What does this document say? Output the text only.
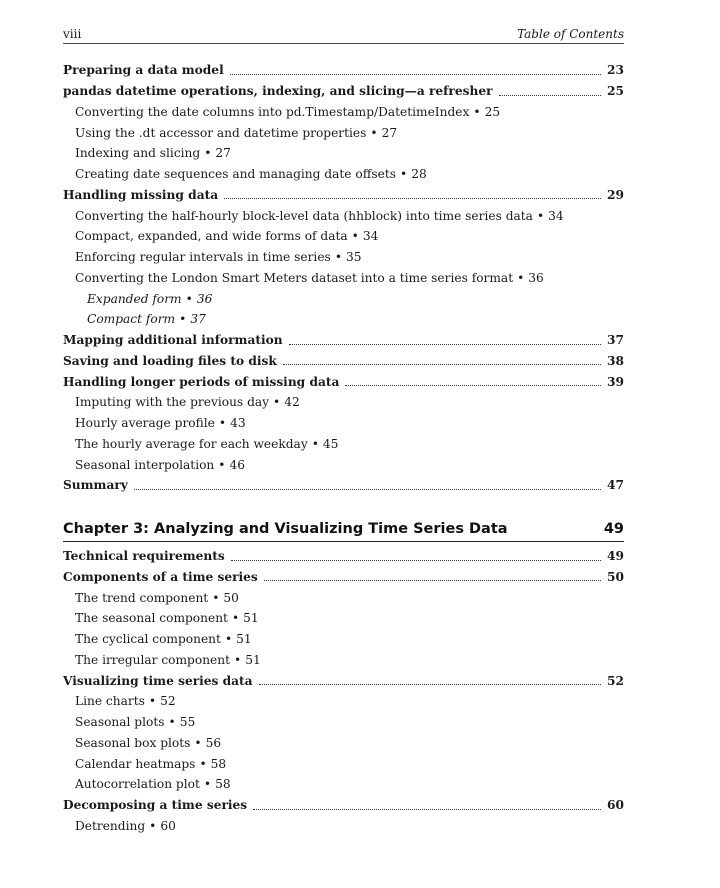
viii	Table of Contents
Preparing a data model	23
pandas datetime operations, indexing, and slicing—a refresher	25
Converting the date columns into pd.Timestamp/DatetimeIndex • 25
Using the .dt accessor and datetime properties • 27
Indexing and slicing • 27
Creating date sequences and managing date offsets • 28
Handling missing data	29
Converting the half-hourly block-level data (hhblock) into time series data • 34
Compact, expanded, and wide forms of data • 34
Enforcing regular intervals in time series • 35
Converting the London Smart Meters dataset into a time series format • 36
Expanded form • 36
Compact form • 37
Mapping additional information	37
Saving and loading files to disk	38
Handling longer periods of missing data	39
Imputing with the previous day • 42
Hourly average profile • 43
The hourly average for each weekday • 45
Seasonal interpolation • 46
Summary	47
Chapter 3: Analyzing and Visualizing Time Series Data	49
Technical requirements	49
Components of a time series	50
The trend component • 50
The seasonal component • 51
The cyclical component • 51
The irregular component • 51
Visualizing time series data	52
Line charts • 52
Seasonal plots • 55
Seasonal box plots • 56
Calendar heatmaps • 58
Autocorrelation plot • 58
Decomposing a time series	60
Detrending • 60
